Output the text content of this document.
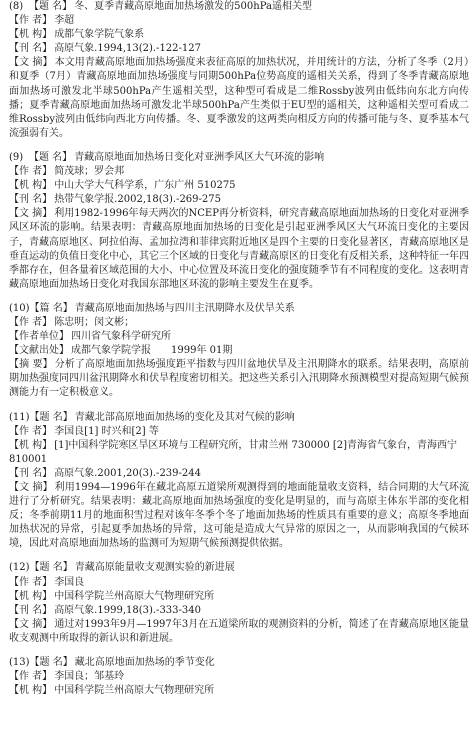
(8) 【题 名】 冬、夏季青藏高原地面加热场激发的500hPa遥相关型
【作 者】 李超
【机 构】 成都气象学院气象系
【刊 名】 高原气象.1994,13(2).-122-127
【文 摘】 本文用青藏高原地面加热场强度来表征高原的加热状况，并用统计的方法，分析了冬季（2月）和夏季（7月）青藏高原地面加热场强度与同期500hPa位势高度的遥相关关系，得到了冬季青藏高原地面加热场可激发北半球500hPa产生遥相关型，这种型可看成是二维Rossby波列由低纬向东北方向传播；夏季青藏高原地面加热场可激发北半球500hPa产生类似于EU型的遥相关，这种遥相关型可看成二维Rossby波列由低纬向西北方向传播。冬、夏季激发的这两类向相反方向的传播可能与冬、夏季基本气流强弱有关。
(9) 【题 名】 青藏高原地面加热场日变化对亚洲季风区大气环流的影响
【作 者】 简茂球；罗会邦
【机 构】 中山大学大气科学系，广东广州 510275
【刊 名】 热带气象学报.2002,18(3).-269-275
【文 摘】 利用1982-1996年每天两次的NCEP再分析资料，研究青藏高原地面加热场的日变化对亚洲季风区环流的影响。结果表明：青藏高原地面加热场的日变化是引起亚洲季风区大气环流日变化的主要因子，青藏高原地区、阿拉伯海、孟加拉湾和菲律宾附近地区是四个主要的日变化显著区，青藏高原地区是垂直运动的负值日变化中心，其它三个区域的日变化与青藏高原区的日变化有反相关系，这种特征一年四季都存在，但各量着区域范围的大小、中心位置及环流日变化的强度随季节有不同程度的变化。这表明青藏高原地面加热场日变化对我国东部地区环流的影响主要发生在夏季。
(10)【篇 名】 青藏高原地面加热场与四川主汛期降水及伏旱关系
【作 者】 陈忠明；闵文彬；
【作者单位】 四川省气象科学研究所
【文献出处】 成都气象学院学报　　1999年 01期
【摘 要】 分析了高原地面加热场强度距平指数与四川盆地伏旱及主汛期降水的联系。结果表明，高原前期加热强度同四川盆汛期降水和伏旱程度密切相关。把这些关系引入汛期降水预测模型对提高短期气候预测能力有一定积极意义。
(11)【题 名】 青藏北部高原地面加热场的变化及其对气候的影响
【作 者】 李国良[1] 时兴和[2] 等
【机 构】 [1]中国科学院寒区旱区环境与工程研究所，甘肃兰州 730000 [2]青海省气象台，青海西宁 810001
【刊 名】 高原气象.2001,20(3).-239-244
【文 摘】 利用1994—1996年在藏北高原五道梁所观测得到的地面能量收支资料，结合同期的大气环流进行了分析研究。结果表明：藏北高原地面加热场强度的变化是明显的，而与高原主体东半部的变化相反；冬季前期11月的地面积雪过程对该年冬季个冬了地面加热场的性质具有重要的意义；高原冬季地面加热状况的异常，引起夏季加热场的异常，这可能是造成大气异常的原因之一，从而影响我国的气候环境，因此对高原地面加热场的监测可为短期气候预测提供依据。
(12)【题 名】 青藏高原能量收支观测实验的新进展
【作 者】 李国良
【机 构】 中国科学院兰州高原大气物理研究所
【刊 名】 高原气象.1999,18(3).-333-340
【文 摘】 通过对1993年9月—1997年3月在五道梁所取的观测资料的分析，简述了在青藏高原地区能量收支观测中所取得的新认识和新进展。
(13)【题 名】 藏北高原地面加热场的季节变化
【作 者】 李国良；邹基玲
【机 构】 中国科学院兰州高原大气物理研究所
